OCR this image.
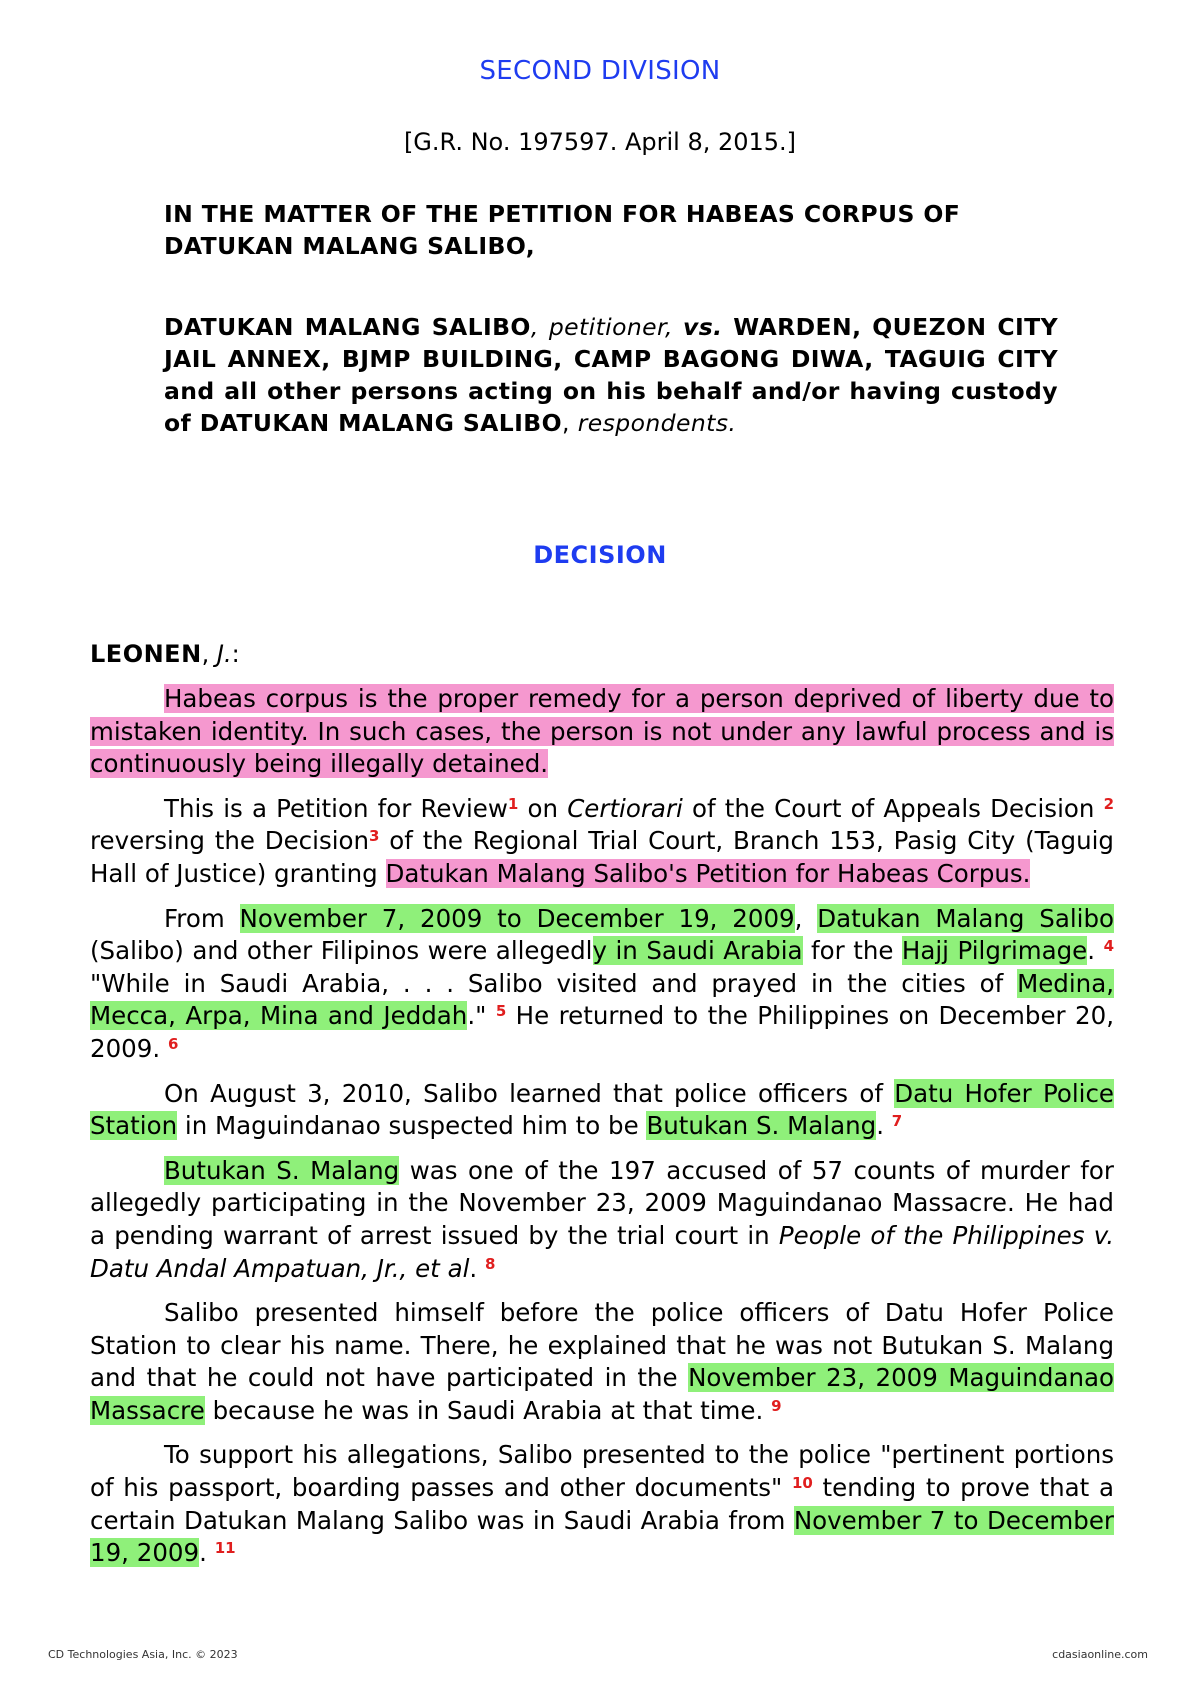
SECOND DIVISION
[G.R. No. 197597. April 8, 2015.]
IN THE MATTER OF THE PETITION FOR HABEAS CORPUS OF DATUKAN MALANG SALIBO,
DATUKAN MALANG SALIBO, petitioner, vs. WARDEN, QUEZON CITY JAIL ANNEX, BJMP BUILDING, CAMP BAGONG DIWA, TAGUIG CITY and all other persons acting on his behalf and/or having custody of DATUKAN MALANG SALIBO, respondents.
DECISION
LEONEN, J.:

Habeas corpus is the proper remedy for a person deprived of liberty due to mistaken identity. In such cases, the person is not under any lawful process and is continuously being illegally detained.

This is a Petition for Review$^1$ on Certiorari of the Court of Appeals Decision $^2$ reversing the Decision$^3$ of the Regional Trial Court, Branch 153, Pasig City (Taguig Hall of Justice) granting Datukan Malang Salibo's Petition for Habeas Corpus.

From November 7, 2009 to December 19, 2009, Datukan Malang Salibo (Salibo) and other Filipinos were allegedly in Saudi Arabia for the Hajj Pilgrimage. $^4$ "While in Saudi Arabia, . . . Salibo visited and prayed in the cities of Medina, Mecca, Arpa, Mina and Jeddah." $^5$ He returned to the Philippines on December 20, 2009. $^6$

On August 3, 2010, Salibo learned that police officers of Datu Hofer Police Station in Maguindanao suspected him to be Butukan S. Malang. $^7$

Butukan S. Malang was one of the 197 accused of 57 counts of murder for allegedly participating in the November 23, 2009 Maguindanao Massacre. He had a pending warrant of arrest issued by the trial court in People of the Philippines v. Datu Andal Ampatuan, Jr., et al. $^8$

Salibo presented himself before the police officers of Datu Hofer Police Station to clear his name. There, he explained that he was not Butukan S. Malang and that he could not have participated in the November 23, 2009 Maguindanao Massacre because he was in Saudi Arabia at that time. $^9$

To support his allegations, Salibo presented to the police "pertinent portions of his passport, boarding passes and other documents" $^{10}$ tending to prove that a certain Datukan Malang Salibo was in Saudi Arabia from November 7 to December 19, 2009. $^{11}$

CD Technologies Asia, Inc. © 2023	cdasiaonline.com
